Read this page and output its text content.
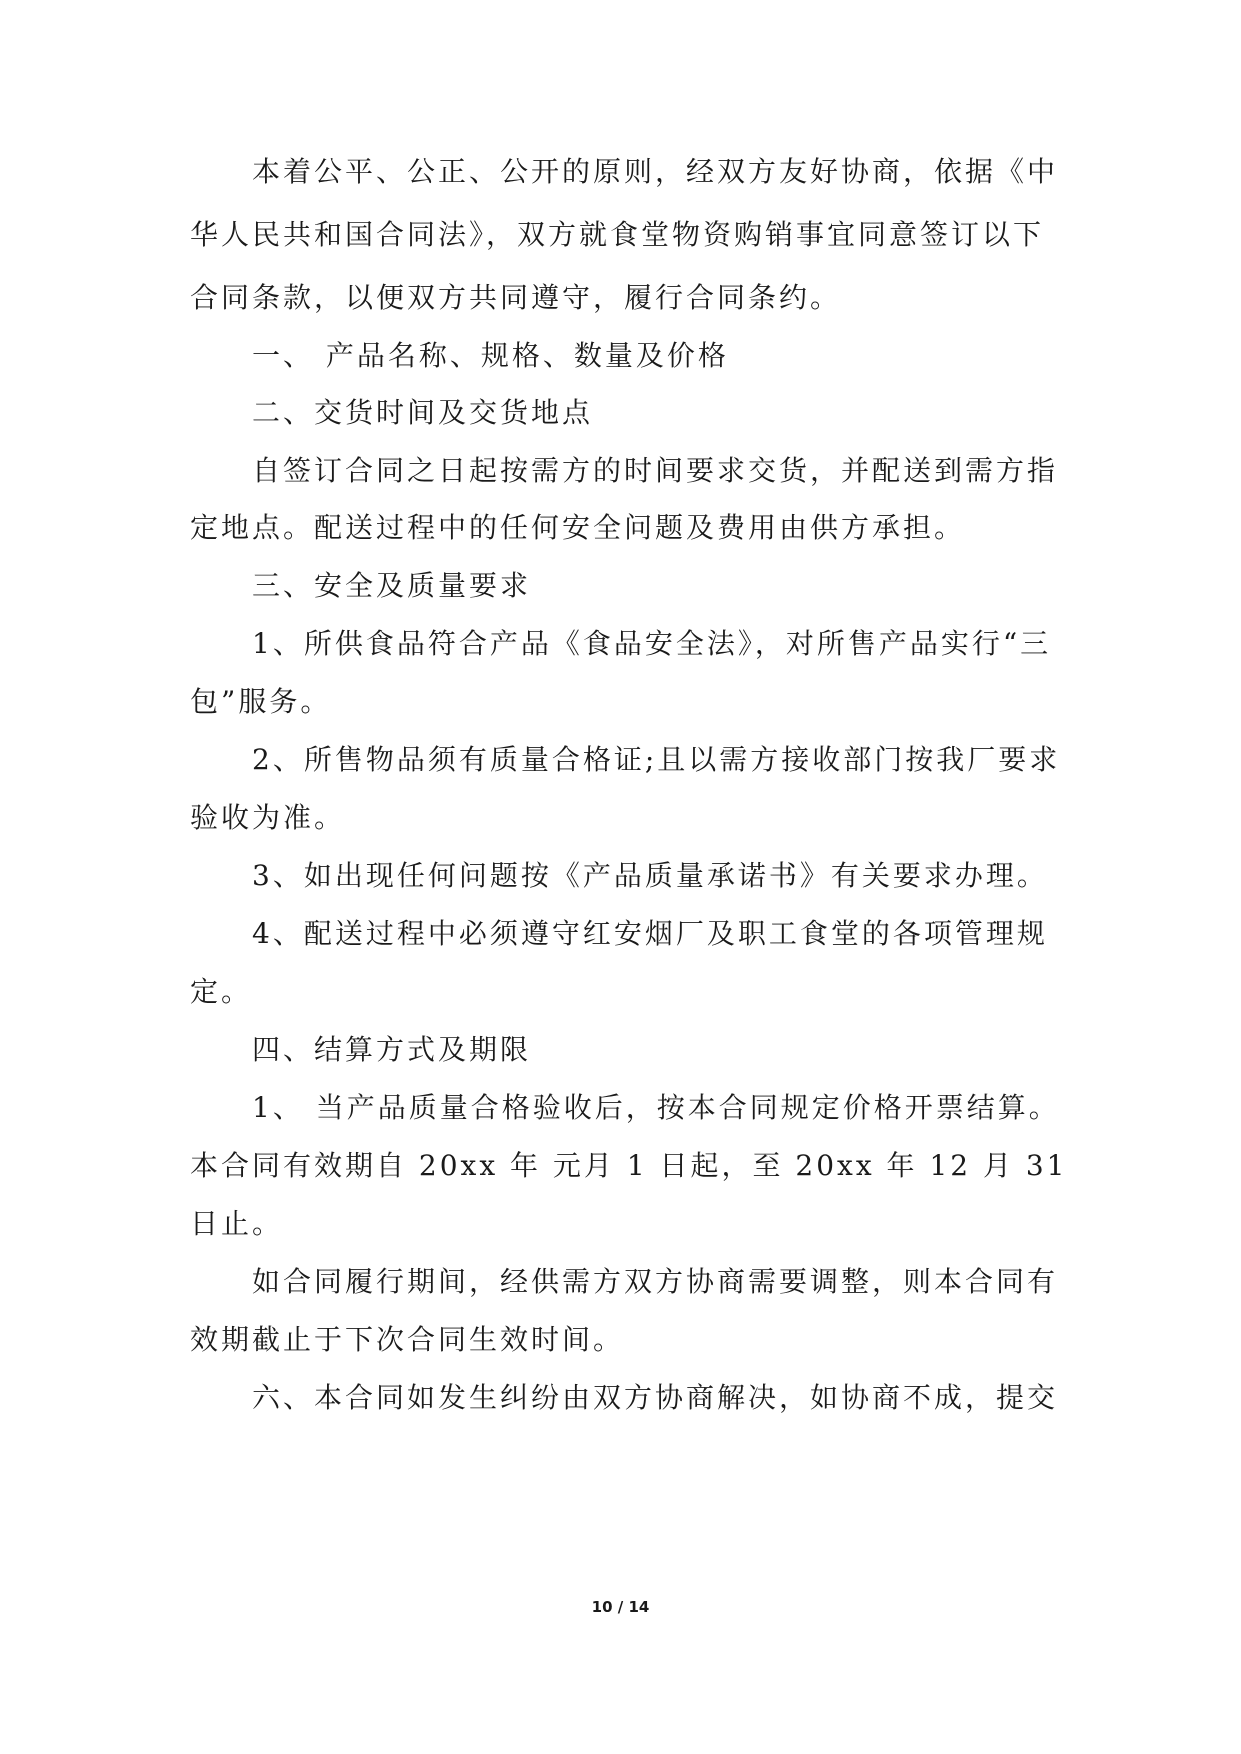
本着公平、公正、公开的原则，经双方友好协商，依据《中
华人民共和国合同法》，双方就食堂物资购销事宜同意签订以下
合同条款，以便双方共同遵守，履行合同条约。
一、 产品名称、规格、数量及价格
二、交货时间及交货地点
自签订合同之日起按需方的时间要求交货，并配送到需方指
定地点。配送过程中的任何安全问题及费用由供方承担。
三、安全及质量要求
1、所供食品符合产品《食品安全法》，对所售产品实行“三
包”服务。
2、所售物品须有质量合格证;且以需方接收部门按我厂要求
验收为准。
3、如出现任何问题按《产品质量承诺书》有关要求办理。
4、配送过程中必须遵守红安烟厂及职工食堂的各项管理规
定。
四、结算方式及期限
1、 当产品质量合格验收后，按本合同规定价格开票结算。
本合同有效期自 20xx 年 元月 1 日起，至 20xx 年 12 月 31
日止。
如合同履行期间，经供需方双方协商需要调整，则本合同有
效期截止于下次合同生效时间。
六、本合同如发生纠纷由双方协商解决，如协商不成，提交
10 / 14
